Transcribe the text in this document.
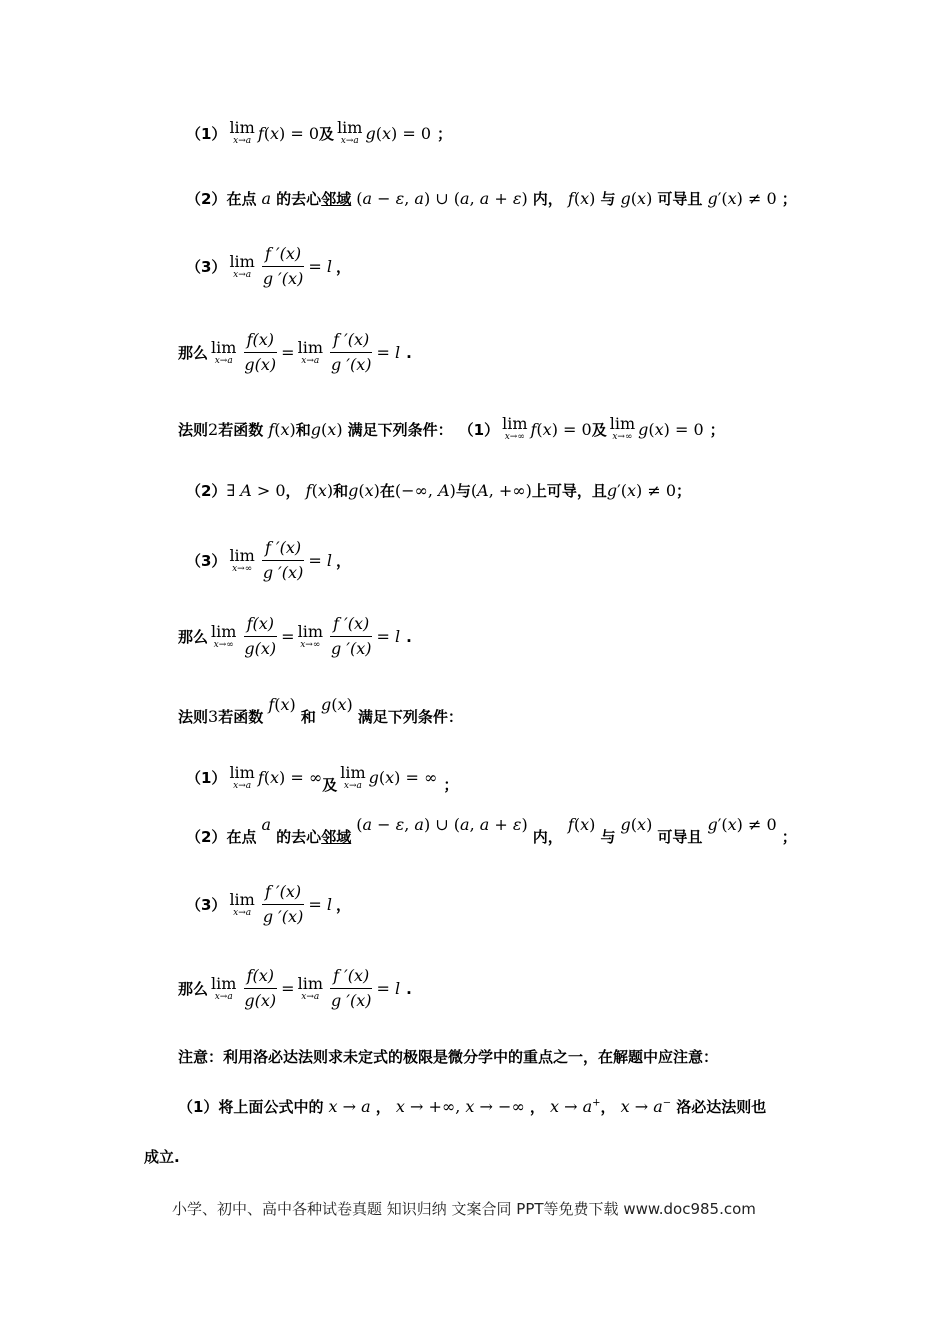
（1） lim
x→a f ( x ) = 0 及 lim
x→a g ( x ) = 0 ；
（2） 在点 a 的去心 邻域 (a − ε, a) ∪ (a, a + ε) 内， f(x) 与 g(x) 可导且 g′(x) ≠ 0 ；
（3） lim
$x\to a \frac{f '(x)}{g '(x)} = l$ ，
那么 lim
$x\to a \frac{f(x)}{g(x)} = \lim$
$x\to a \frac{f '(x)}{g '(x)} = l$ .
法则 2 若函数 f(x) 和 g(x) 满足下列条件： （1） lim
x→∞ f(x) = 0 及 lim
x→∞ g(x) = 0 ；
（2） ∃ A > 0 ， f(x) 和 g(x) 在 (−∞, A) 与 (A, +∞) 上可导，且 g′(x) ≠ 0 ；
（3） lim
$x\to\infty \frac{f '(x)}{g '(x)} = l$ ，
那么 lim
$x\to\infty \frac{f(x)}{g(x)} = \lim$
$x\to\infty \frac{f '(x)}{g '(x)} = l$ .
法则 3 若函数
f(x)
和
g(x)
满足下列条件：
（1） lim
x→a f(x) = ∞ 及
lim
x→a g(x) = ∞ ；
（2） 在点
a
的去心 邻域
(a − ε, a) ∪ (a, a + ε)
内，
f(x)
与
g(x)
可导且
g′(x) ≠ 0
；
（3） lim
$x\to a \frac{f '(x)}{g '(x)} = l$ ，
那么 lim
$x\to a \frac{f(x)}{g(x)} = \lim$
$x\to a \frac{f '(x)}{g '(x)} = l$ .
注意：利用洛必达法则求未定式的极限是微分学中的重点之一，在解题中应注意：
（1）将上面公式中的 x → a ， x → +∞, x → −∞ ， x → a+ ， x → a− 洛必达法则也
成立.
小学、初中、高中各种试卷真题 知识归纳 文案合同 PPT等免费下载 www.doc985.com
